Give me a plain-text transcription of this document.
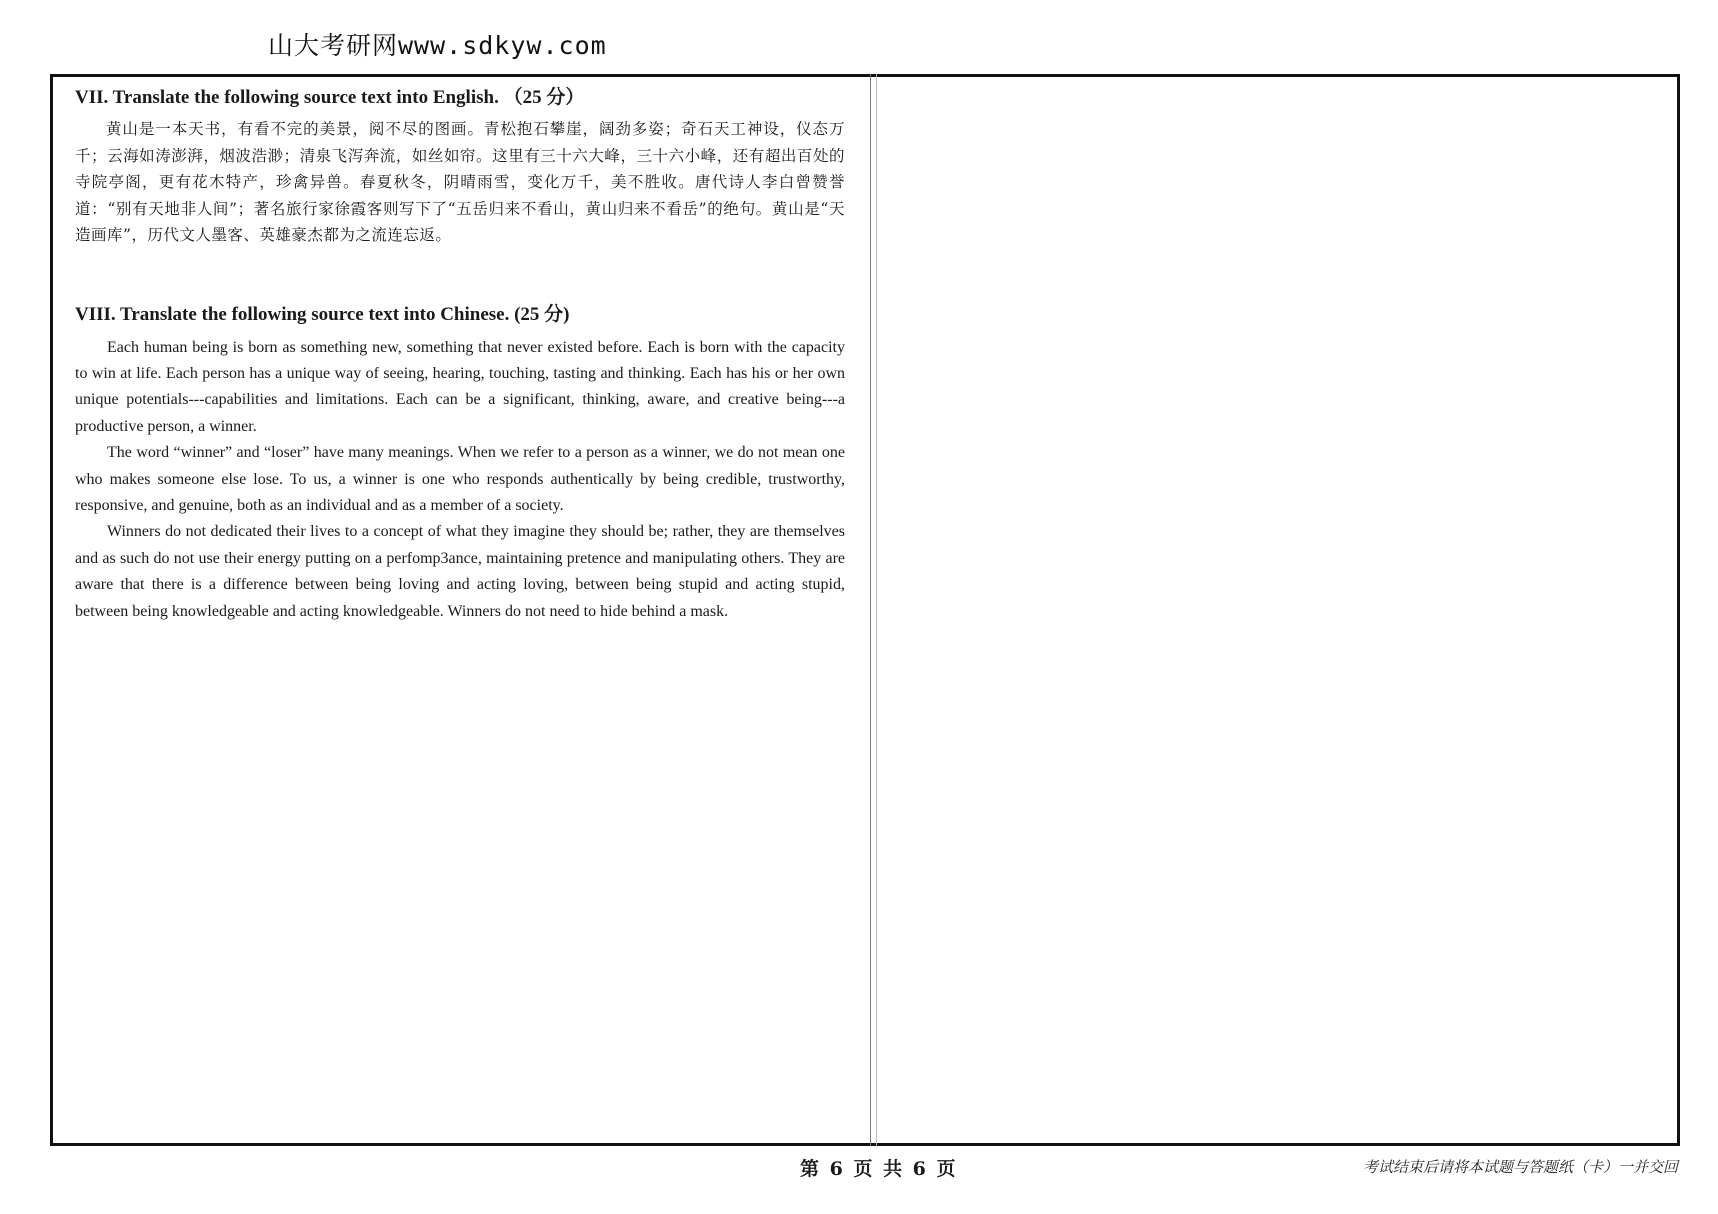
山大考研网www.sdkyw.com

VII. Translate the following source text into English. （25 分）

黄山是一本天书，有看不完的美景，阅不尽的图画。青松抱石攀崖，阔劲多姿；奇石天工神设，仪态万千；云海如涛澎湃，烟波浩渺；清泉飞泻奔流，如丝如帘。这里有三十六大峰，三十六小峰，还有超出百处的寺院亭阁，更有花木特产，珍禽异兽。春夏秋冬，阴晴雨雪，变化万千，美不胜收。唐代诗人李白曾赞誉道：“别有天地非人间”；著名旅行家徐霞客则写下了“五岳归来不看山，黄山归来不看岳”的绝句。黄山是“天造画库”，历代文人墨客、英雄豪杰都为之流连忘返。

VIII. Translate the following source text into Chinese. (25 分)

Each human being is born as something new, something that never existed before. Each is born with the capacity to win at life. Each person has a unique way of seeing, hearing, touching, tasting and thinking. Each has his or her own unique potentials---capabilities and limitations. Each can be a significant, thinking, aware, and creative being---a productive person, a winner.

The word “winner” and “loser” have many meanings. When we refer to a person as a winner, we do not mean one who makes someone else lose. To us, a winner is one who responds authentically by being credible, trustworthy, responsive, and genuine, both as an individual and as a member of a society.

Winners do not dedicated their lives to a concept of what they imagine they should be; rather, they are themselves and as such do not use their energy putting on a perfomp3ance, maintaining pretence and manipulating others. They are aware that there is a difference between being loving and acting loving, between being stupid and acting stupid, between being knowledgeable and acting knowledgeable. Winners do not need to hide behind a mask.

第 6 页 共 6 页	考试结束后请将本试题与答题纸（卡）一并交回
